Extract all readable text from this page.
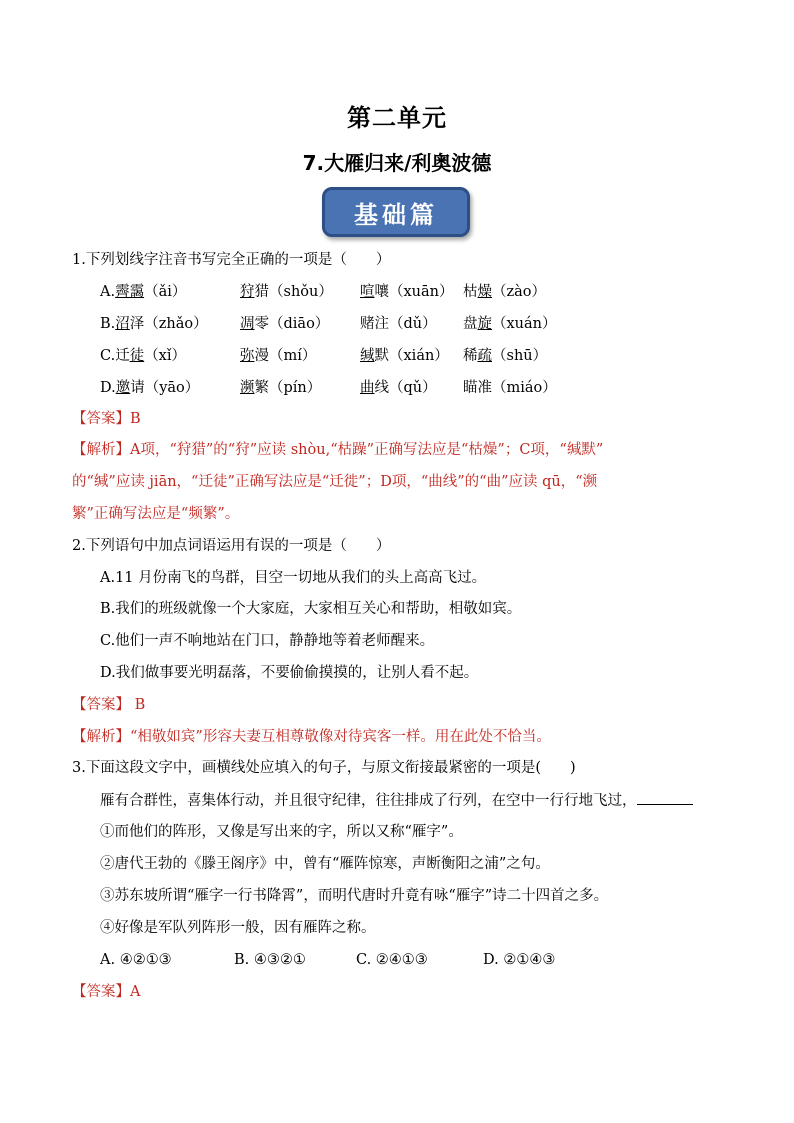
第二单元
7.大雁归来/利奥波德
基础篇
1.下列划线字注音书写完全正确的一项是（　　）
A.霽靄（ǎi）	狩猎（shǒu） 喧嚷（xuān） 枯燥（zào）
B.沼泽（zhǎo） 凋零（diāo） 赌注（dǔ） 盘旋（xuán）
C.迁徒（xǐ）	弥漫（mí）	缄默（xián） 稀疏（shū）
D.邀请（yāo）	濒繁（pín）	曲线（qǔ） 瞄准（miáo）
【答案】B
【解析】A项，“狩猎”的“狩”应读 shòu,“枯躁”正确写法应是“枯燥”；C项，“缄默”
的“缄”应读 jiān，“迁徒”正确写法应是“迁徙”；D项，“曲线”的“曲”应读 qū，“濒
繁”正确写法应是“频繁”。
2.下列语句中加点词语运用有误的一项是（　　）
A.11 月份南飞的鸟群，目空一切地从我们的头上高高飞过。
B.我们的班级就像一个大家庭，大家相互关心和帮助，相敬如宾。
C.他们一声不响地站在门口，静静地等着老师醒来。
D.我们做事要光明磊落，不要偷偷摸摸的，让别人看不起。
【答案】 B
【解析】“相敬如宾”形容夫妻互相尊敬像对待宾客一样。用在此处不恰当。
3.下面这段文字中，画横线处应填入的句子，与原文衔接最紧密的一项是(　　)
雁有合群性，喜集体行动，并且很守纪律，往往排成了行列，在空中一行行地飞过，
①而他们的阵形，又像是写出来的字，所以又称“雁字”。
②唐代王勃的《滕王阁序》中，曾有“雁阵惊寒，声断衡阳之浦”之句。
③苏东坡所谓“雁字一行书降霄”，而明代唐时升竟有咏“雁字”诗二十四首之多。
④好像是军队列阵形一般，因有雁阵之称。
A. ④②①③	B. ④③②①	C. ②④①③	D. ②①④③
【答案】A
